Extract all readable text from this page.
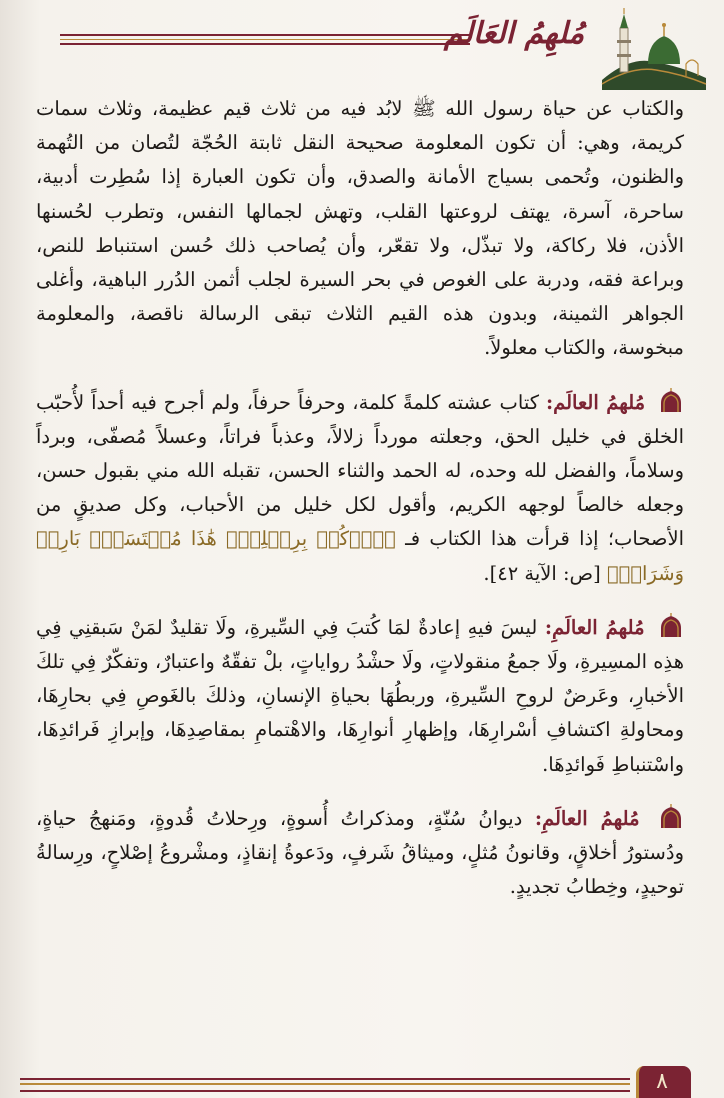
مُلهِمُ العَالَم

والكتاب عن حياة رسول الله ﷺ لابُد فيه من ثلاث قيم عظيمة، وثلاث سمات كريمة، وهي: أن تكون المعلومة صحيحة النقل ثابتة الحُجّة لتُصان من التُهمة والظنون، وتُحمى بسياج الأمانة والصدق، وأن تكون العبارة إذا سُطِرت أدبية، ساحرة، آسرة، يهتف لروعتها القلب، وتهش لجمالها النفس، وتطرب لحُسنها الأذن، فلا ركاكة، ولا تبذّل، ولا تقعّر، وأن يُصاحب ذلك حُسن استنباط للنص، وبراعة فقه، ودربة على الغوص في بحر السيرة لجلب أثمن الدُرر الباهية، وأغلى الجواهر الثمينة، وبدون هذه القيم الثلاث تبقى الرسالة ناقصة، والمعلومة مبخوسة، والكتاب معلولاً.

مُلهمُ العالَم: كتاب عشته كلمةً كلمة، وحرفاً حرفاً، ولم أجرح فيه أحداً لأُحبّب الخلق في خليل الحق، وجعلته مورداً زلالاً، وعذباً فراتاً، وعسلاً مُصفّى، وبرداً وسلاماً، والفضل لله وحده، له الحمد والثناء الحسن، تقبله الله مني بقبول حسن، وجعله خالصاً لوجهه الكريم، وأقول لكل خليل من الأحباب، وكل صديقٍ من الأصحاب؛ إذا قرأت هذا الكتاب فـ ﴿ٱرۡكُضۡ بِرِجۡلِكَۖ هَٰذَا مُغۡتَسَلُۢ بَارِدٞ وَشَرَابٞ﴾ [ص: الآية ٤٢].

مُلهمُ العالَمِ: ليسَ فيهِ إعادةٌ لمَا كُتبَ فِي السِّيرةِ، ولَا تقليدٌ لمَنْ سَبقنِي فِي هذِه المسِيرةِ، ولَا جمعُ منقولاتٍ، ولَا حشْدُ رواياتٍ، بلْ تفقّهٌ واعتبارٌ، وتفكّرٌ فِي تلكَ الأخبارِ، وعَرضٌ لروحِ السِّيرةِ، وربطُهَا بحياةِ الإنسانِ، وذلكَ بالغَوصِ فِي بحارِهَا، ومحاولةِ اكتشافِ أسْرارِهَا، وإظهارِ أنوارِهَا، والاهْتمامِ بمقاصِدِهَا، وإبرازِ فَرائدِهَا، واسْتنباطِ فَوائدِهَا.

مُلهمُ العالَمِ: ديوانُ سُنّةٍ، ومذكراتُ أُسوةٍ، ورِحلاتُ قُدوةٍ، ومَنهجُ حياةٍ، ودُستورُ أخلاقٍ، وقانونُ مُثلٍ، وميثاقُ شَرفٍ، ودَعوةُ إنقاذٍ، ومشْروعُ إصْلاحٍ، ورِسالةُ توحيدٍ، وخِطابُ تجديدٍ.

٨
